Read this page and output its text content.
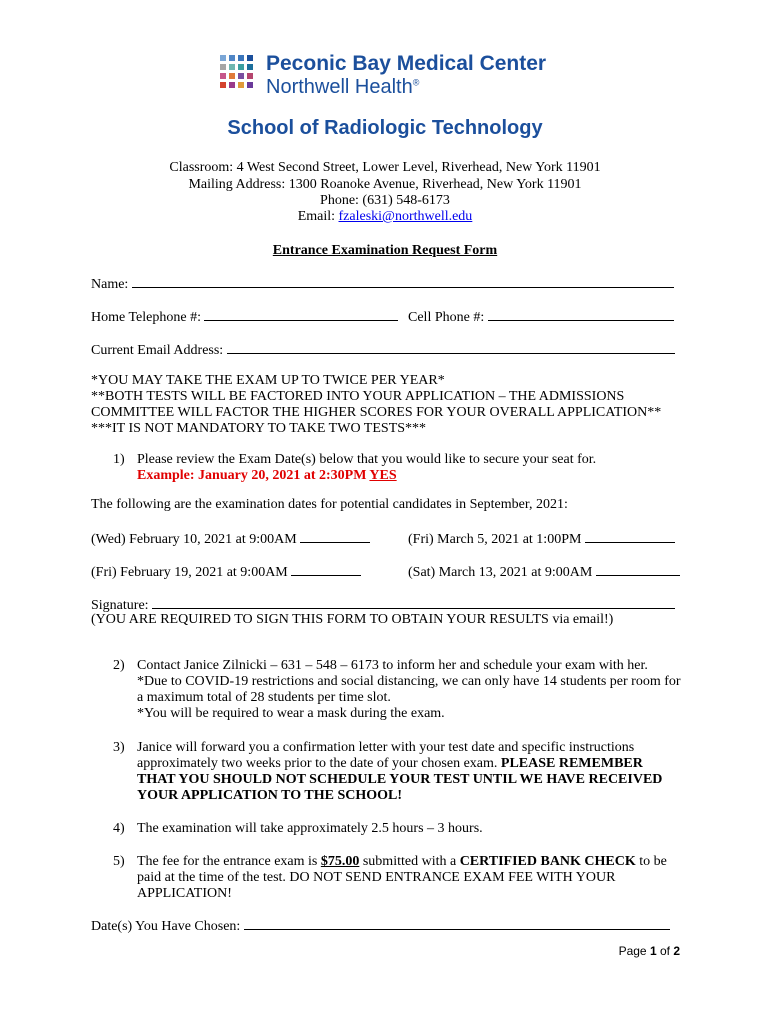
Peconic Bay Medical Center
Northwell Health®
School of Radiologic Technology
Classroom: 4 West Second Street, Lower Level, Riverhead, New York 11901
Mailing Address: 1300 Roanoke Avenue, Riverhead, New York 11901
Phone: (631) 548-6173
Email: fzaleski@northwell.edu
Entrance Examination Request Form
Name:
Home Telephone #:	Cell Phone #:
Current Email Address:
*YOU MAY TAKE THE EXAM UP TO TWICE PER YEAR*
**BOTH TESTS WILL BE FACTORED INTO YOUR APPLICATION – THE ADMISSIONS
COMMITTEE WILL FACTOR THE HIGHER SCORES FOR YOUR OVERALL APPLICATION**
***IT IS NOT MANDATORY TO TAKE TWO TESTS***
1) Please review the Exam Date(s) below that you would like to secure your seat for.
Example: January 20, 2021 at 2:30PM YES
The following are the examination dates for potential candidates in September, 2021:
(Wed) February 10, 2021 at 9:00AM	(Fri) March 5, 2021 at 1:00PM
(Fri) February 19, 2021 at 9:00AM	(Sat) March 13, 2021 at 9:00AM
Signature:
(YOU ARE REQUIRED TO SIGN THIS FORM TO OBTAIN YOUR RESULTS via email!)
2) Contact Janice Zilnicki – 631 – 548 – 6173 to inform her and schedule your exam with her.
*Due to COVID-19 restrictions and social distancing, we can only have 14 students per room for
a maximum total of 28 students per time slot.
*You will be required to wear a mask during the exam.
3) Janice will forward you a confirmation letter with your test date and specific instructions
approximately two weeks prior to the date of your chosen exam. PLEASE REMEMBER
THAT YOU SHOULD NOT SCHEDULE YOUR TEST UNTIL WE HAVE RECEIVED
YOUR APPLICATION TO THE SCHOOL!
4) The examination will take approximately 2.5 hours – 3 hours.
5) The fee for the entrance exam is $75.00 submitted with a CERTIFIED BANK CHECK to be
paid at the time of the test. DO NOT SEND ENTRANCE EXAM FEE WITH YOUR
APPLICATION!
Date(s) You Have Chosen:
Page 1 of 2
